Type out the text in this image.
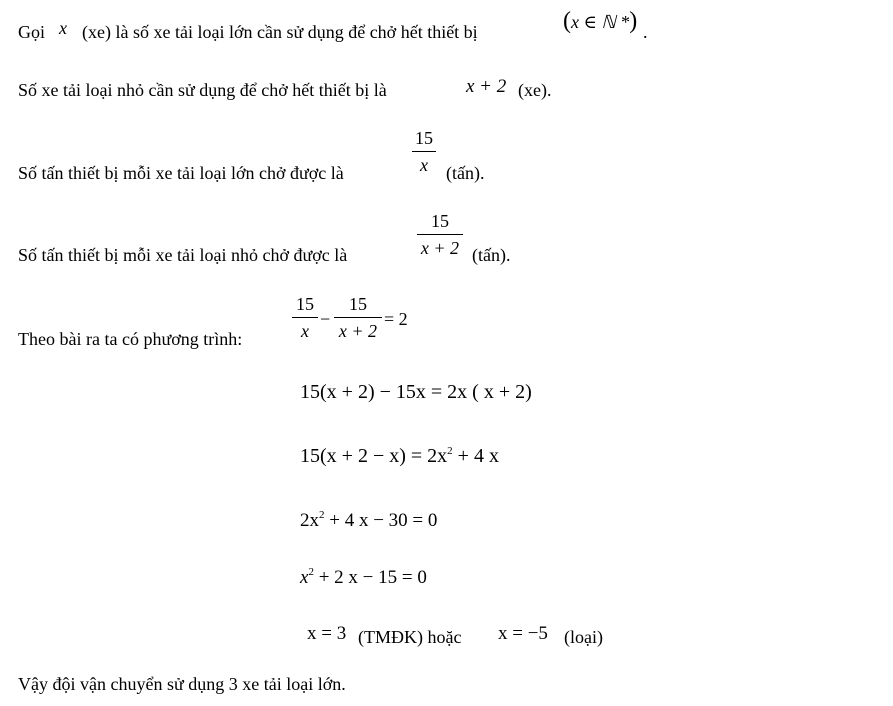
Gọi x (xe) là số xe tải loại lớn cần sử dụng để chở hết thiết bị	(x ∈ ℕ *) .
Số xe tải loại nhỏ cần sử dụng để chở hết thiết bị là	x + 2 (xe).
Số tấn thiết bị mỗi xe tải loại lớn chở được là
15
x	(tấn).
Số tấn thiết bị mỗi xe tải loại nhỏ chở được là
15
x + 2 (tấn).
Theo bài ra ta có phương trình:
15
x
−
15
x + 2
= 2
15(x + 2) − 15x = 2x ( x + 2)
$15(x + 2 - x) = 2x^2 + 4$ x
$2x^2 + 4$ x − 30 = 0
$x^2 + 2$ x − 15 = 0
x = 3 (TMĐK) hoặc x = −5 (loại)
Vậy đội vận chuyển sử dụng 3 xe tải loại lớn.
